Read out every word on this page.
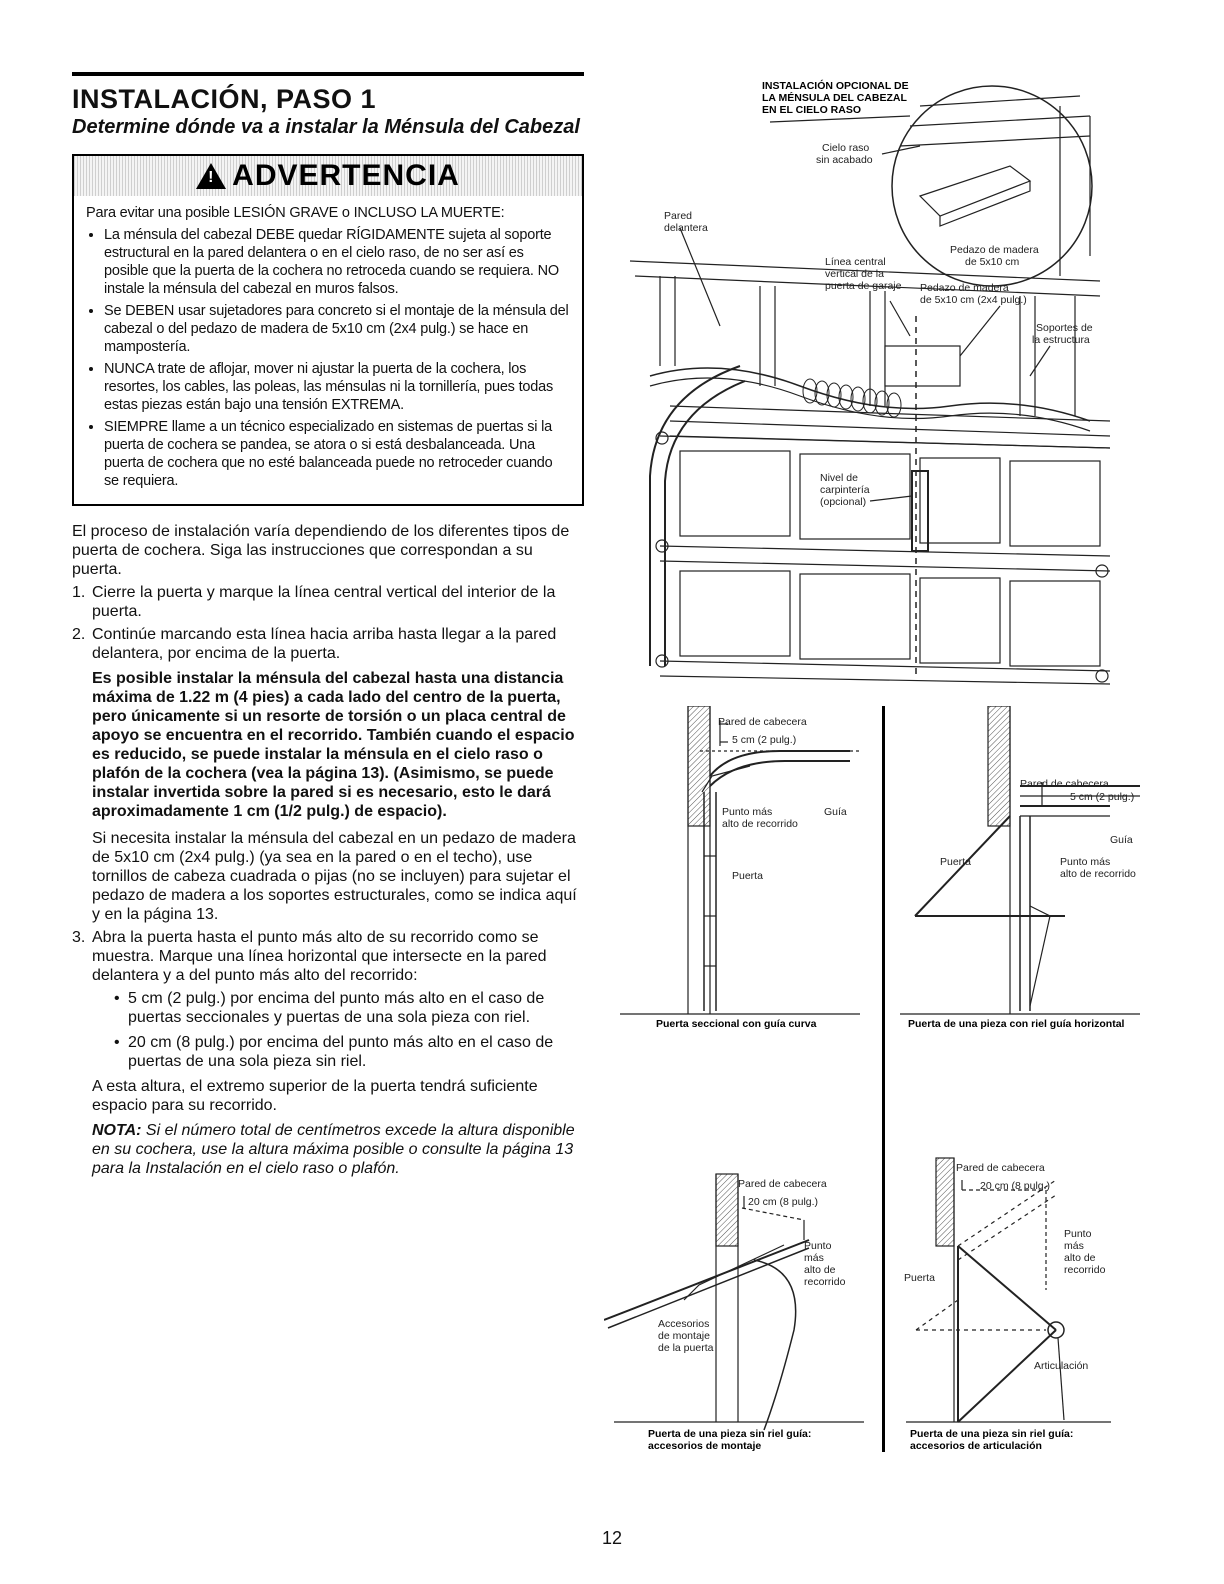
INSTALACIÓN, PASO 1
Determine dónde va a instalar la Ménsula del Cabezal
!
ADVERTENCIA
Para evitar una posible LESIÓN GRAVE o INCLUSO LA MUERTE:
• La ménsula del cabezal DEBE quedar RÍGIDAMENTE sujeta al soporte estructural en la pared delantera o en el cielo raso, de no ser así es posible que la puerta de la cochera no retroceda cuando se requiera. NO instale la ménsula del cabezal en muros falsos.
• Se DEBEN usar sujetadores para concreto si el montaje de la ménsula del cabezal o del pedazo de madera de 5x10 cm (2x4 pulg.) se hace en mampostería.
• NUNCA trate de aflojar, mover ni ajustar la puerta de la cochera, los resortes, los cables, las poleas, las ménsulas ni la tornillería, pues todas estas piezas están bajo una tensión EXTREMA.
• SIEMPRE llame a un técnico especializado en sistemas de puertas si la puerta de cochera se pandea, se atora o si está desbalanceada. Una puerta de cochera que no esté balanceada puede no retroceder cuando se requiera.

El proceso de instalación varía dependiendo de los diferentes tipos de puerta de cochera. Siga las instrucciones que correspondan a su puerta.

1. Cierre la puerta y marque la línea central vertical del interior de la puerta.
2. Continúe marcando esta línea hacia arriba hasta llegar a la pared delantera, por encima de la puerta.

Es posible instalar la ménsula del cabezal hasta una distancia máxima de 1.22 m (4 pies) a cada lado del centro de la puerta, pero únicamente si un resorte de torsión o un placa central de apoyo se encuentra en el recorrido. También cuando el espacio es reducido, se puede instalar la ménsula en el cielo raso o plafón de la cochera (vea la página 13). (Asimismo, se puede instalar invertida sobre la pared si es necesario, esto le dará aproximadamente 1 cm (1/2 pulg.) de espacio).

Si necesita instalar la ménsula del cabezal en un pedazo de madera de 5x10 cm (2x4 pulg.) (ya sea en la pared o en el techo), use tornillos de cabeza cuadrada o pijas (no se incluyen) para sujetar el pedazo de madera a los soportes estructurales, como se indica aquí y en la página 13.

3. Abra la puerta hasta el punto más alto de su recorrido como se muestra. Marque una línea horizontal que intersecte en la pared delantera y a del punto más alto del recorrido:
• 5 cm (2 pulg.) por encima del punto más alto en el caso de puertas seccionales y puertas de una sola pieza con riel.
• 20 cm (8 pulg.) por encima del punto más alto en el caso de puertas de una sola pieza sin riel.

A esta altura, el extremo superior de la puerta tendrá suficiente espacio para su recorrido.

NOTA: Si el número total de centímetros excede la altura disponible en su cochera, use la altura máxima posible o consulte la página 13 para la Instalación en el cielo raso o plafón.

INSTALACIÓN OPCIONAL DE
LA MÉNSULA DEL CABEZAL
EN EL CIELO RASO
Cielo raso
sin acabado
Pared
delantera
Pedazo de madera
de 5x10 cm
Línea central
vertical de la
puerta de garaje Pedazo de madera
de 5x10 cm (2x4 pulg.)
Soportes de
la estructura
Nivel de
carpintería
(opcional)
Pared de cabecera
5 cm (2 pulg.)
Punto más
alto de recorrido
Guía
Puerta
Puerta seccional con guía curva
Pared de cabecera
5 cm (2 pulg.)
Guía
Puerta	Punto más
alto de recorrido
Puerta de una pieza con riel guía horizontal
Pared de cabecera
20 cm (8 pulg.)
Punto
más
alto de
recorrido
Accesorios
de montaje
de la puerta
Puerta de una pieza sin riel guía:
accesorios de montaje
Pared de cabecera
20 cm (8 pulg.)
Punto
más
alto de
recorrido
Puerta
Articulación
Puerta de una pieza sin riel guía:
accesorios de articulación
12
